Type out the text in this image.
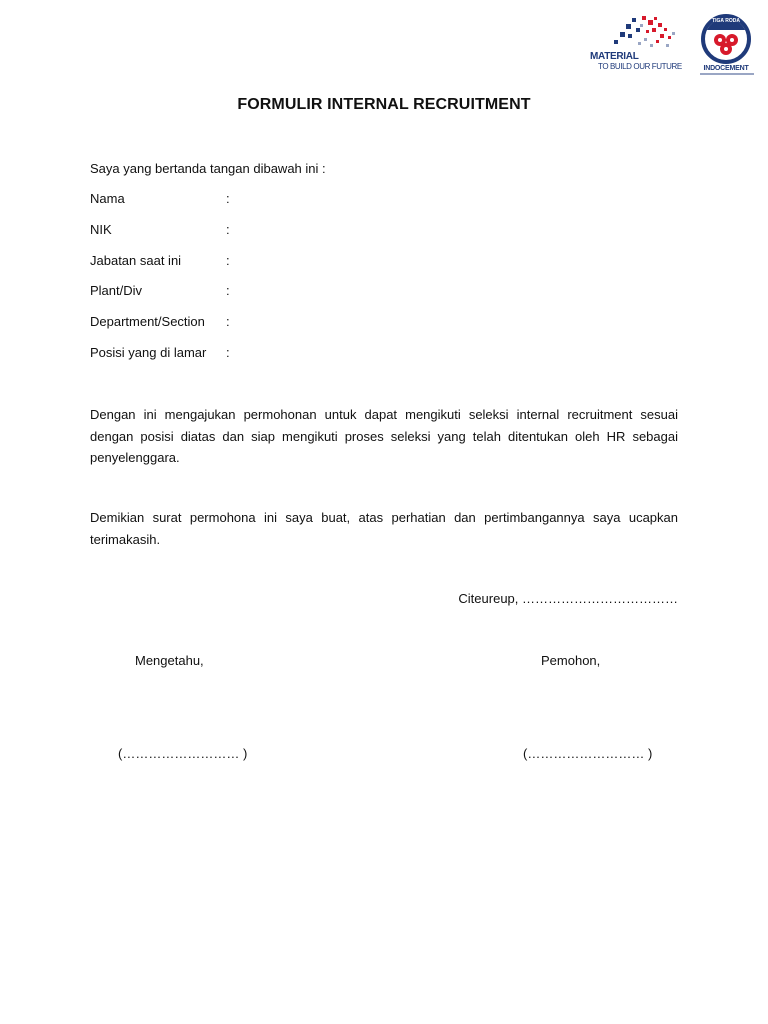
MATERIAL
TO BUILD OUR FUTURE
TIGA RODA
INDOCEMENT
FORMULIR INTERNAL RECRUITMENT
Saya yang bertanda tangan dibawah ini :
Nama	:
NIK	:
Jabatan saat ini	:
Plant/Div	:
Department/Section :
Posisi yang di lamar :
Dengan ini mengajukan permohonan untuk dapat mengikuti seleksi internal recruitment sesuai dengan posisi diatas dan siap mengikuti proses seleksi yang telah ditentukan oleh HR sebagai penyelenggara.
Demikian surat permohona ini saya buat, atas perhatian dan pertimbangannya saya ucapkan terimakasih.
Citeureup, ………………………………
Mengetahu,	Pemohon,
(……………………… )	(……………………… )
